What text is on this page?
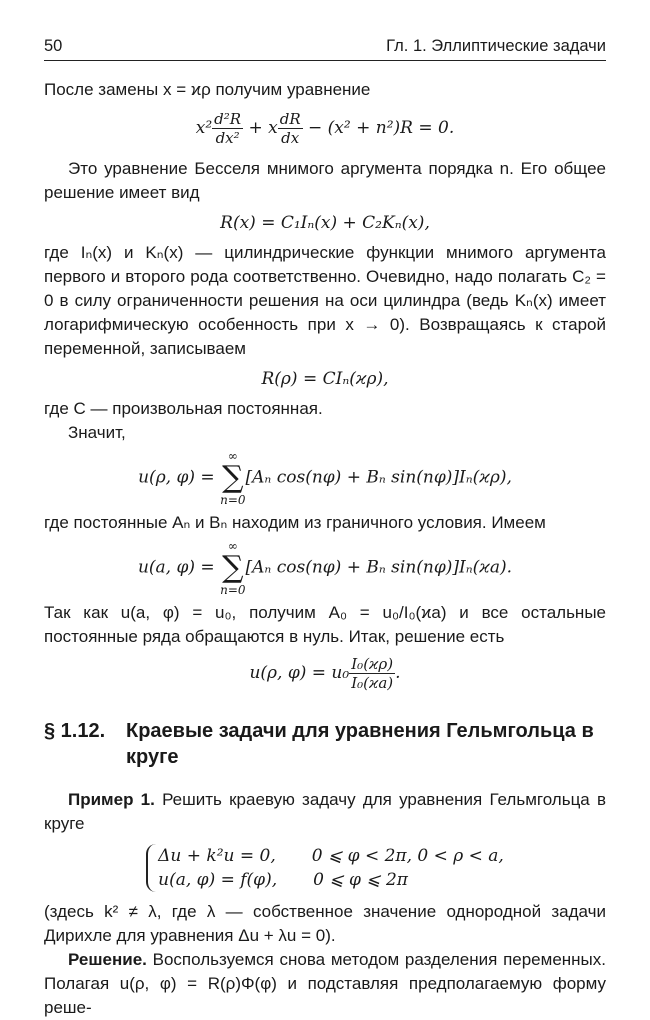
50	Гл. 1. Эллиптические задачи

После замены x = ϰρ получим уравнение

$x^2 \frac{\text{d²R}}{\text{dx²}} + x \frac{dR}{dx} - (x^2 + n^2)R = 0$.

Это уравнение Бесселя мнимого аргумента порядка n. Его общее решение имеет вид

R(x) = C₁Iₙ(x) + C₂Kₙ(x),

где Iₙ(x) и Kₙ(x) — цилиндрические функции мнимого аргумента первого и второго рода соответственно. Очевидно, надо полагать C₂ = 0 в силу ограниченности решения на оси цилиндра (ведь Kₙ(x) имеет логарифмическую особенность при x → 0). Возвращаясь к старой переменной, записываем

R(ρ) = CIₙ(ϰρ),

где C — произвольная постоянная.

Значит,

u(ρ, φ) =
∞
∑
n=0
[Aₙ cos(nφ) + Bₙ sin(nφ)]Iₙ(ϰρ),

где постоянные Aₙ и Bₙ находим из граничного условия. Имеем

u(a, φ) =
∞
∑
n=0
[Aₙ cos(nφ) + Bₙ sin(nφ)]Iₙ(ϰa).

Так как u(a, φ) = u₀, получим A₀ = u₀/I₀(ϰa) и все остальные постоянные ряда обращаются в нуль. Итак, решение есть

u(ρ, $\varphi) = u_0 \frac{\text{I₀(ϰρ)}}{\text{I₀(ϰa)}}$ .
§ 1.12.	Краевые задачи для уравнения Гельмгольца в круге

Пример 1. Решить краевую задачу для уравнения Гельмгольца в круге

Δu + k²u = 0, 0 ⩽ φ < 2π, 0 < ρ < a,
u(a, φ) = f(φ), 0 ⩽ φ ⩽ 2π

(здесь k² ≠ λ, где λ — собственное значение однородной задачи Дирихле для уравнения Δu + λu = 0).

Решение. Воспользуемся снова методом разделения переменных. Полагая u(ρ, φ) = R(ρ)Φ(φ) и подставляя предполагаемую форму реше-
